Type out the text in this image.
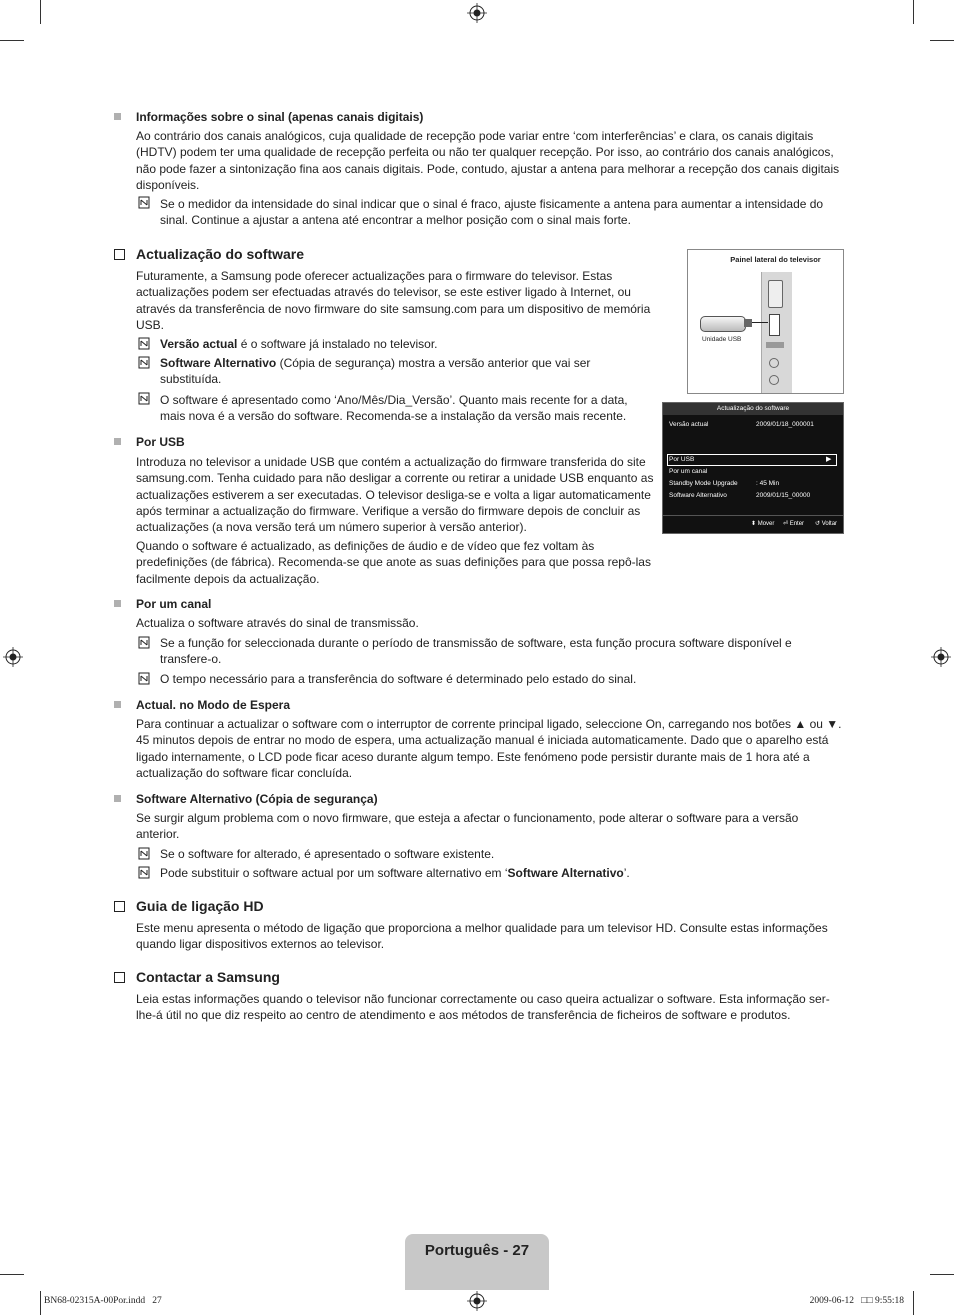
Informações sobre o sinal (apenas canais digitais)
Ao contrário dos canais analógicos, cuja qualidade de recepção pode variar entre ‘com interferências’ e clara, os canais digitais (HDTV) podem ter uma qualidade de recepção perfeita ou não ter qualquer recepção. Por isso, ao contrário dos canais analógicos, não pode fazer a sintonização fina aos canais digitais. Pode, contudo, ajustar a antena para melhorar a recepção dos canais digitais disponíveis.
Se o medidor da intensidade do sinal indicar que o sinal é fraco, ajuste fisicamente a antena para aumentar a intensidade do sinal. Continue a ajustar a antena até encontrar a melhor posição com o sinal mais forte.
Actualização do software
Futuramente, a Samsung pode oferecer actualizações para o firmware do televisor. Estas actualizações podem ser efectuadas através do televisor, se este estiver ligado à Internet, ou através da transferência de novo firmware do site samsung.com para um dispositivo de memória USB.
Versão actual é o software já instalado no televisor.
Software Alternativo (Cópia de segurança) mostra a versão anterior que vai ser substituída.
O software é apresentado como ‘Ano/Mês/Dia_Versão’. Quanto mais recente for a data, mais nova é a versão do software. Recomenda-se a instalação da versão mais recente.
Painel lateral do televisor
Unidade USB
Actualização do software
Versão actual	2009/01/18_000001
Por USB	▶
Por um canal
Standby Mode Upgrade	: 45 Min
Software Alternativo	2009/01/15_00000
⬍ Mover ⏎ Enter ↺ Voltar
Por USB
Introduza no televisor a unidade USB que contém a actualização do firmware transferida do site samsung.com. Tenha cuidado para não desligar a corrente ou retirar a unidade USB enquanto as actualizações estiverem a ser executadas. O televisor desliga-se e volta a ligar automaticamente após terminar a actualização do firmware. Verifique a versão do firmware depois de concluir as actualizações (a nova versão terá um número superior à versão anterior).
Quando o software é actualizado, as definições de áudio e de vídeo que fez voltam às predefinições (de fábrica). Recomenda-se que anote as suas definições para que possa repô-las facilmente depois da actualização.
Por um canal
Actualiza o software através do sinal de transmissão.
Se a função for seleccionada durante o período de transmissão de software, esta função procura software disponível e transfere-o.
O tempo necessário para a transferência do software é determinado pelo estado do sinal.
Actual. no Modo de Espera
Para continuar a actualizar o software com o interruptor de corrente principal ligado, seleccione On, carregando nos botões ▲ ou ▼. 45 minutos depois de entrar no modo de espera, uma actualização manual é iniciada automaticamente. Dado que o aparelho está ligado internamente, o LCD pode ficar aceso durante algum tempo. Este fenómeno pode persistir durante mais de 1 hora até a actualização do software ficar concluída.
Software Alternativo (Cópia de segurança)
Se surgir algum problema com o novo firmware, que esteja a afectar o funcionamento, pode alterar o software para a versão anterior.
Se o software for alterado, é apresentado o software existente.
Pode substituir o software actual por um software alternativo em ‘Software Alternativo’.
Guia de ligação HD
Este menu apresenta o método de ligação que proporciona a melhor qualidade para um televisor HD. Consulte estas informações quando ligar dispositivos externos ao televisor.
Contactar a Samsung
Leia estas informações quando o televisor não funcionar correctamente ou caso queira actualizar o software. Esta informação ser-lhe-á útil no que diz respeito ao centro de atendimento e aos métodos de transferência de ficheiros de software e produtos.
Português - 27
BN68-02315A-00Por.indd   27	2009-06-12   □□ 9:55:18
